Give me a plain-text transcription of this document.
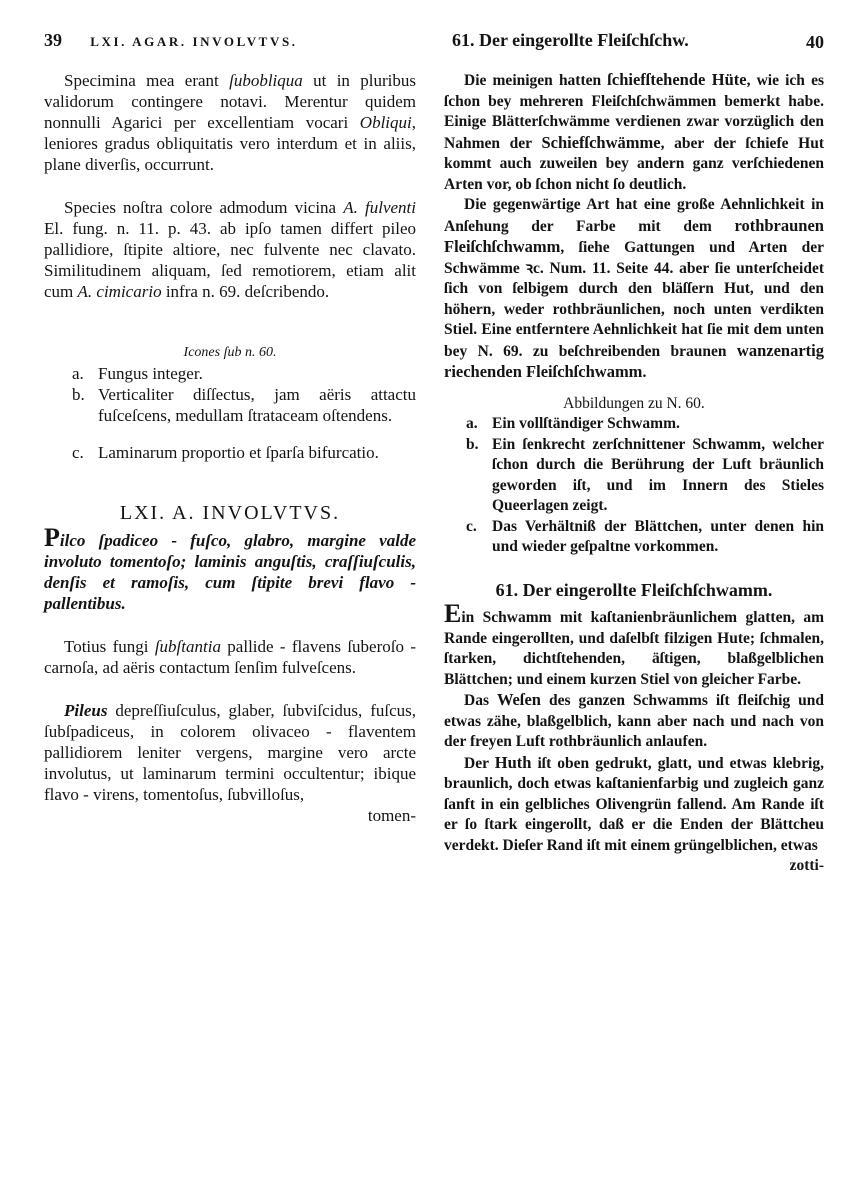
39 LXI. AGAR. INVOLVTVS.

Specimina mea erant ſubobliqua ut in pluribus validorum contingere notavi. Merentur quidem nonnulli Agarici per excellentiam vocari Obliqui, leniores gradus obliquitatis vero interdum et in aliis, plane diverſis, occurrunt.

Species noſtra colore admodum vicina A. fulventi El. fung. n. 11. p. 43. ab ipſo tamen differt pileo pallidiore, ſtipite altiore, nec fulvente nec clavato. Similitudinem aliquam, ſed remotiorem, etiam alit cum A. cimicario infra n. 69. deſcribendo.

Icones ſub n. 60.

a. Fungus integer.
b. Verticaliter diſſectus, jam aëris attactu fuſceſcens, medullam ſtrataceam oſtendens.
c. Laminarum proportio et ſparſa bifurcatio.

LXI. A. INVOLVTVS.

Pilco ſpadiceo - fuſco, glabro, margine valde involuto tomentoſo; laminis anguſtis, craſſiuſculis, denſis et ramoſis, cum ſtipite brevi flavo - pallentibus.

Totius fungi ſubſtantia pallide - flavens ſuberoſo - carnoſa, ad aëris contactum ſenſim fulveſcens.

Pileus depreſſiuſculus, glaber, ſubviſcidus, fuſcus, ſubſpadiceus, in colorem olivaceo - flaventem pallidiorem leniter vergens, margine vero arcte involutus, ut laminarum termini occultentur; ibique flavo - virens, tomentoſus, ſubvilloſus,

tomen-

61. Der eingerollte Fleiſchſchw.	40

Die meinigen hatten ſchiefſtehende Hüte, wie ich es ſchon bey mehreren Fleiſchſchwämmen bemerkt habe. Einige Blätterſchwämme verdienen zwar vorzüglich den Nahmen der Schiefſchwämme, aber der ſchiefe Hut kommt auch zuweilen bey andern ganz verſchiedenen Arten vor, ob ſchon nicht ſo deutlich.

Die gegenwärtige Art hat eine große Aehnlichkeit in Anſehung der Farbe mit dem rothbraunen Fleiſchſchwamm, ſiehe Gattungen und Arten der Schwämme ꝛc. Num. 11. Seite 44. aber ſie unterſcheidet ſich von ſelbigem durch den bläſſern Hut, und den höhern, weder rothbräunlichen, noch unten verdikten Stiel. Eine entferntere Aehnlichkeit hat ſie mit dem unten bey N. 69. zu beſchreibenden braunen wanzenartig riechenden Fleiſchſchwamm.

Abbildungen zu N. 60.

a. Ein vollſtändiger Schwamm.
b. Ein ſenkrecht zerſchnittener Schwamm, welcher ſchon durch die Berührung der Luft bräunlich geworden iſt, und im Innern des Stieles Queerlagen zeigt.
c. Das Verhältniß der Blättchen, unter denen hin und wieder geſpaltne vorkommen.

61. Der eingerollte Fleiſchſchwamm.

Ein Schwamm mit kaſtanienbräunlichem glatten, am Rande eingerollten, und daſelbſt filzigen Hute; ſchmalen, ſtarken, dichtſtehenden, äſtigen, blaßgelblichen Blättchen; und einem kurzen Stiel von gleicher Farbe.

Das Weſen des ganzen Schwamms iſt fleiſchig und etwas zähe, blaßgelblich, kann aber nach und nach von der freyen Luft rothbräunlich anlaufen.

Der Huth iſt oben gedrukt, glatt, und etwas klebrig, braunlich, doch etwas kaſtanienfarbig und zugleich ganz ſanft in ein gelbliches Olivengrün fallend. Am Rande iſt er ſo ſtark eingerollt, daß er die Enden der Blättcheu verdekt. Dieſer Rand iſt mit einem grüngelblichen, etwas

zotti-
